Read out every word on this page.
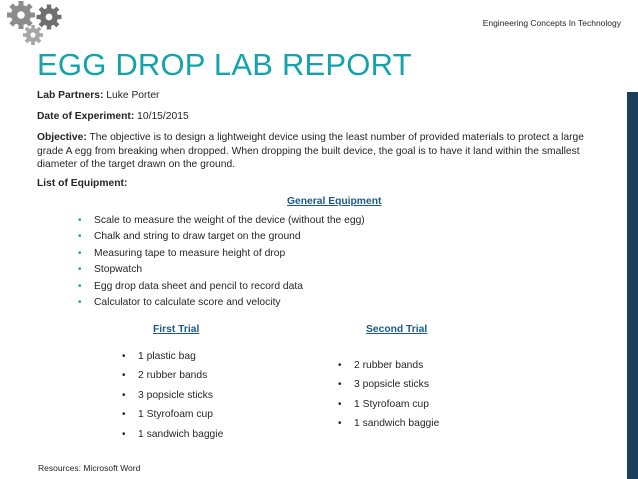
Engineering Concepts In Technology
EGG DROP LAB REPORT
Lab Partners: Luke Porter
Date of Experiment: 10/15/2015
Objective: The objective is to design a lightweight device using the least number of provided materials to protect a large grade A egg from breaking when dropped. When dropping the built device, the goal is to have it land within the smallest diameter of the target drawn on the ground.
List of Equipment:
General Equipment
• Scale to measure the weight of the device (without the egg)
• Chalk and string to draw target on the ground
• Measuring tape to measure height of drop
• Stopwatch
• Egg drop data sheet and pencil to record data
• Calculator to calculate score and velocity
First Trial	Second Trial
• 1 plastic bag
• 2 rubber bands
• 3 popsicle sticks
• 1 Styrofoam cup
• 1 sandwich baggie
• 2 rubber bands
• 3 popsicle sticks
• 1 Styrofoam cup
• 1 sandwich baggie
Resources: Microsoft Word
